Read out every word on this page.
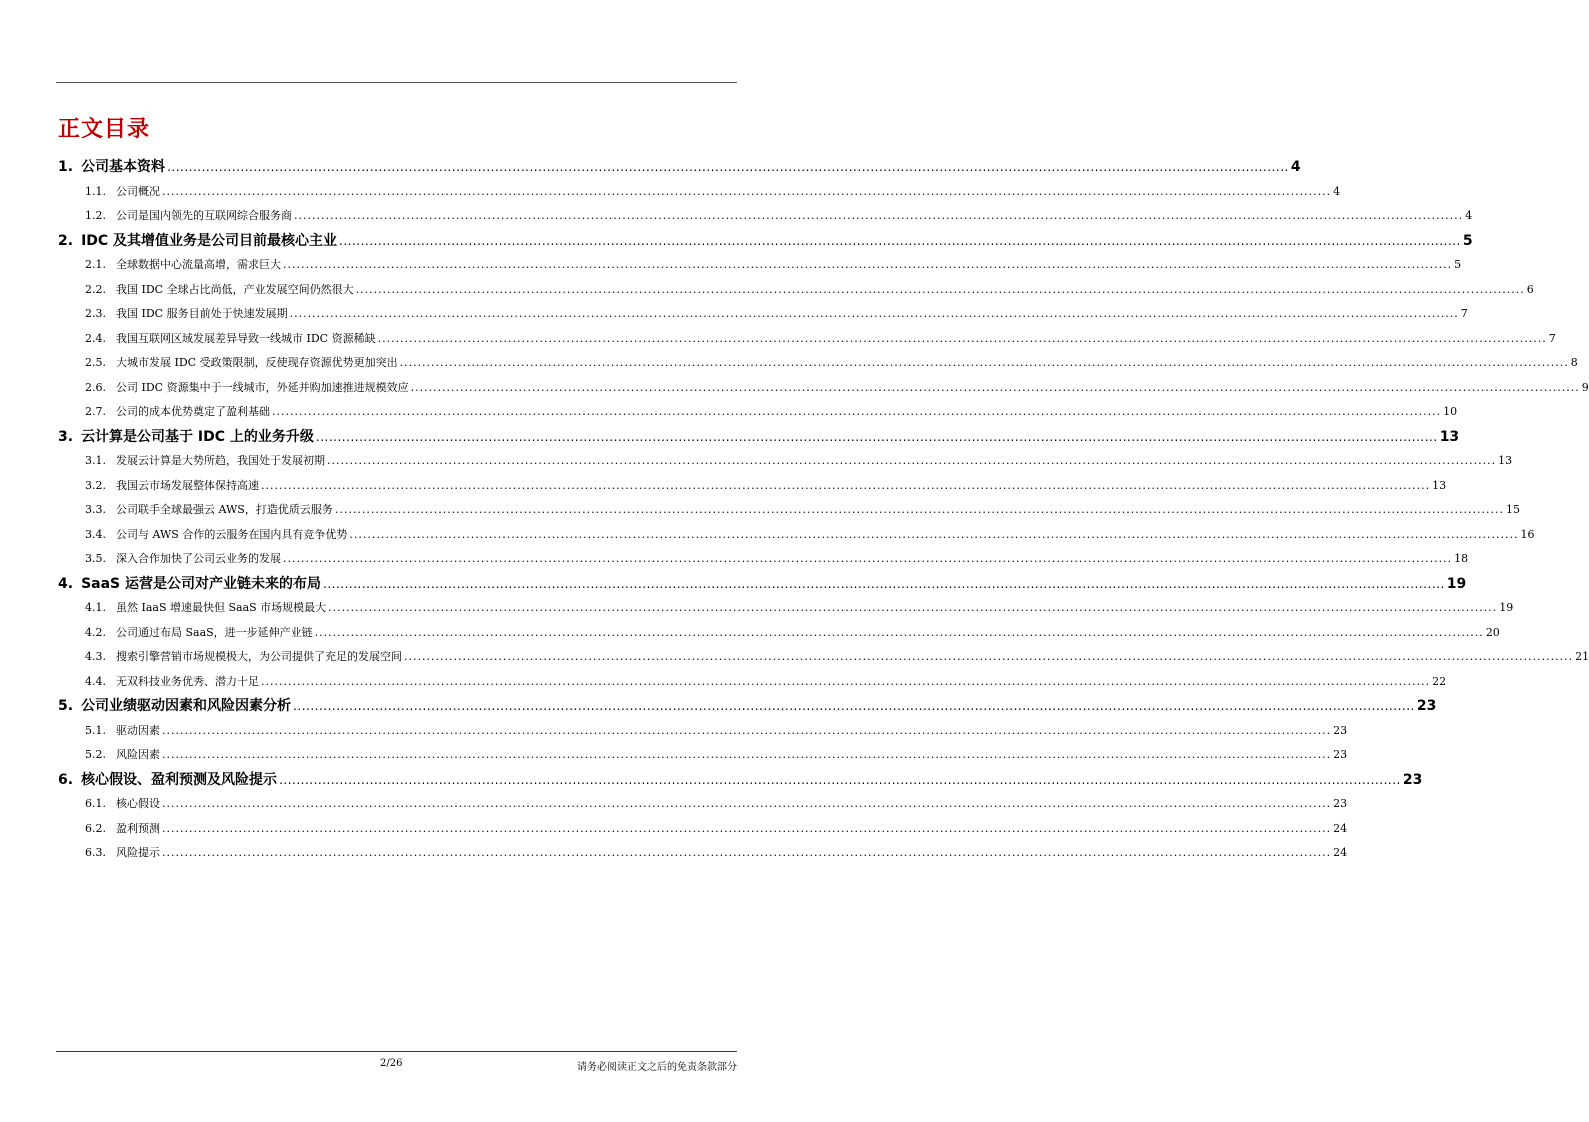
正文目录
1. 公司基本资料 .................................................................................................................................................................................................................................................................... 4
1.1. 公司概况 .................................................................................................................................................................................................................................................................... 4
1.2. 公司是国内领先的互联网综合服务商 .................................................................................................................................................................................................................................................................... 4
2. IDC 及其增值业务是公司目前最核心主业 .................................................................................................................................................................................................................................................................... 5
2.1. 全球数据中心流量高增，需求巨大 .................................................................................................................................................................................................................................................................... 5
2.2. 我国 IDC 全球占比尚低，产业发展空间仍然很大 .................................................................................................................................................................................................................................................................... 6
2.3. 我国 IDC 服务目前处于快速发展期 .................................................................................................................................................................................................................................................................... 7
2.4. 我国互联网区域发展差异导致一线城市 IDC 资源稀缺 .................................................................................................................................................................................................................................................................... 7
2.5. 大城市发展 IDC 受政策限制，反使现存资源优势更加突出 .................................................................................................................................................................................................................................................................... 8
2.6. 公司 IDC 资源集中于一线城市，外延并购加速推进规模效应 .................................................................................................................................................................................................................................................................... 9
2.7. 公司的成本优势奠定了盈利基础 .................................................................................................................................................................................................................................................................... 10
3. 云计算是公司基于 IDC 上的业务升级 .................................................................................................................................................................................................................................................................... 13
3.1. 发展云计算是大势所趋，我国处于发展初期 .................................................................................................................................................................................................................................................................... 13
3.2. 我国云市场发展整体保持高速 .................................................................................................................................................................................................................................................................... 13
3.3. 公司联手全球最强云 AWS，打造优质云服务 .................................................................................................................................................................................................................................................................... 15
3.4. 公司与 AWS 合作的云服务在国内具有竞争优势 .................................................................................................................................................................................................................................................................... 16
3.5. 深入合作加快了公司云业务的发展 .................................................................................................................................................................................................................................................................... 18
4. SaaS 运营是公司对产业链未来的布局 .................................................................................................................................................................................................................................................................... 19
4.1. 虽然 IaaS 增速最快但 SaaS 市场规模最大 .................................................................................................................................................................................................................................................................... 19
4.2. 公司通过布局 SaaS，进一步延伸产业链 .................................................................................................................................................................................................................................................................... 20
4.3. 搜索引擎营销市场规模极大，为公司提供了充足的发展空间 .................................................................................................................................................................................................................................................................... 21
4.4. 无双科技业务优秀、潜力十足 .................................................................................................................................................................................................................................................................... 22
5. 公司业绩驱动因素和风险因素分析 .................................................................................................................................................................................................................................................................... 23
5.1. 驱动因素 .................................................................................................................................................................................................................................................................... 23
5.2. 风险因素 .................................................................................................................................................................................................................................................................... 23
6. 核心假设、盈利预测及风险提示 .................................................................................................................................................................................................................................................................... 23
6.1. 核心假设 .................................................................................................................................................................................................................................................................... 23
6.2. 盈利预测 .................................................................................................................................................................................................................................................................... 24
6.3. 风险提示 .................................................................................................................................................................................................................................................................... 24
2/26	请务必阅读正文之后的免责条款部分
